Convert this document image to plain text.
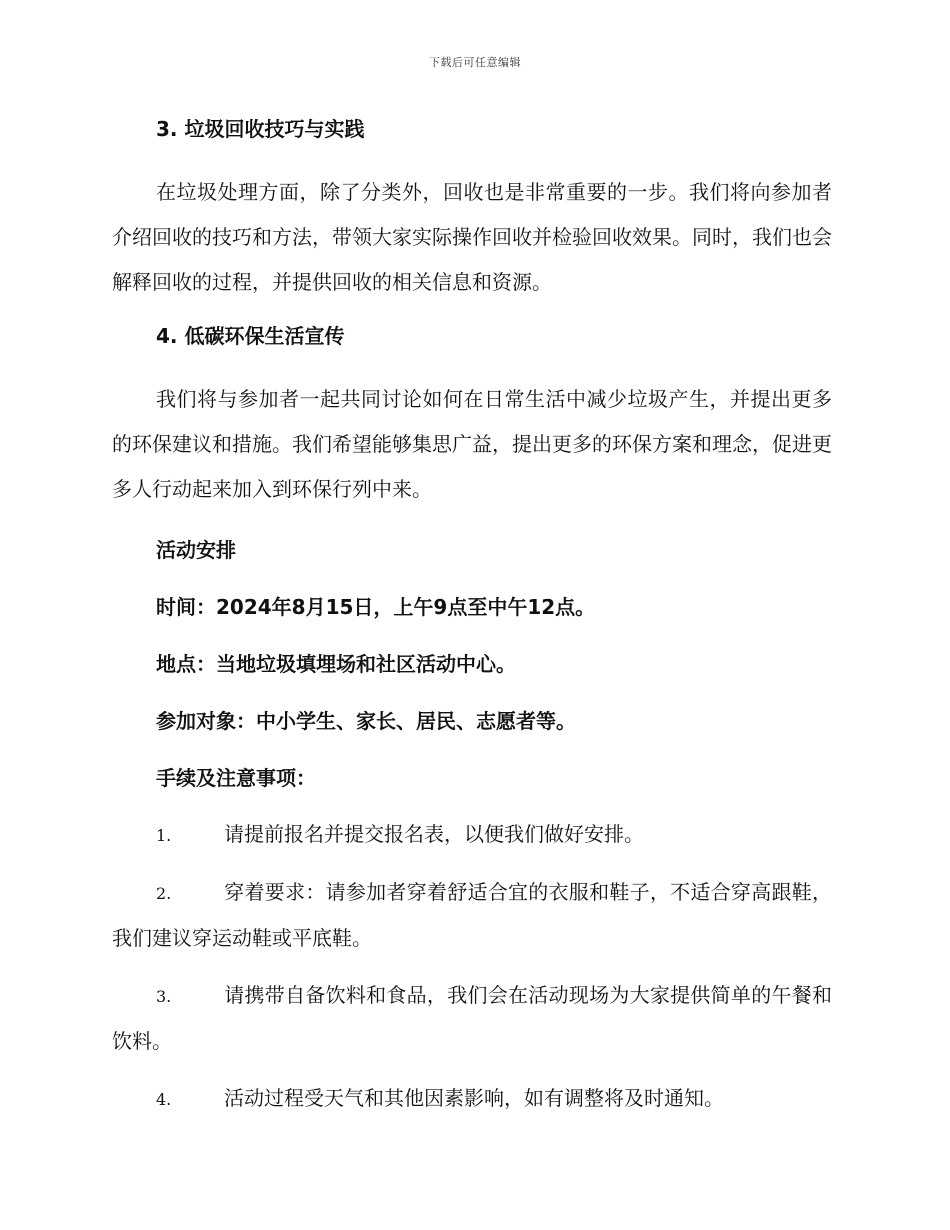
下载后可任意编辑

3. 垃圾回收技巧与实践

在垃圾处理方面，除了分类外，回收也是非常重要的一步。我们将向参加者介绍回收的技巧和方法，带领大家实际操作回收并检验回收效果。同时，我们也会解释回收的过程，并提供回收的相关信息和资源。

4. 低碳环保生活宣传

我们将与参加者一起共同讨论如何在日常生活中减少垃圾产生，并提出更多的环保建议和措施。我们希望能够集思广益，提出更多的环保方案和理念，促进更多人行动起来加入到环保行列中来。

活动安排

时间：2024年8月15日，上午9点至中午12点。

地点：当地垃圾填埋场和社区活动中心。

参加对象：中小学生、家长、居民、志愿者等。

手续及注意事项：

1.	请提前报名并提交报名表，以便我们做好安排。

2.	穿着要求：请参加者穿着舒适合宜的衣服和鞋子，不适合穿高跟鞋，我们建议穿运动鞋或平底鞋。

3.	请携带自备饮料和食品，我们会在活动现场为大家提供简单的午餐和饮料。

4.	活动过程受天气和其他因素影响，如有调整将及时通知。
